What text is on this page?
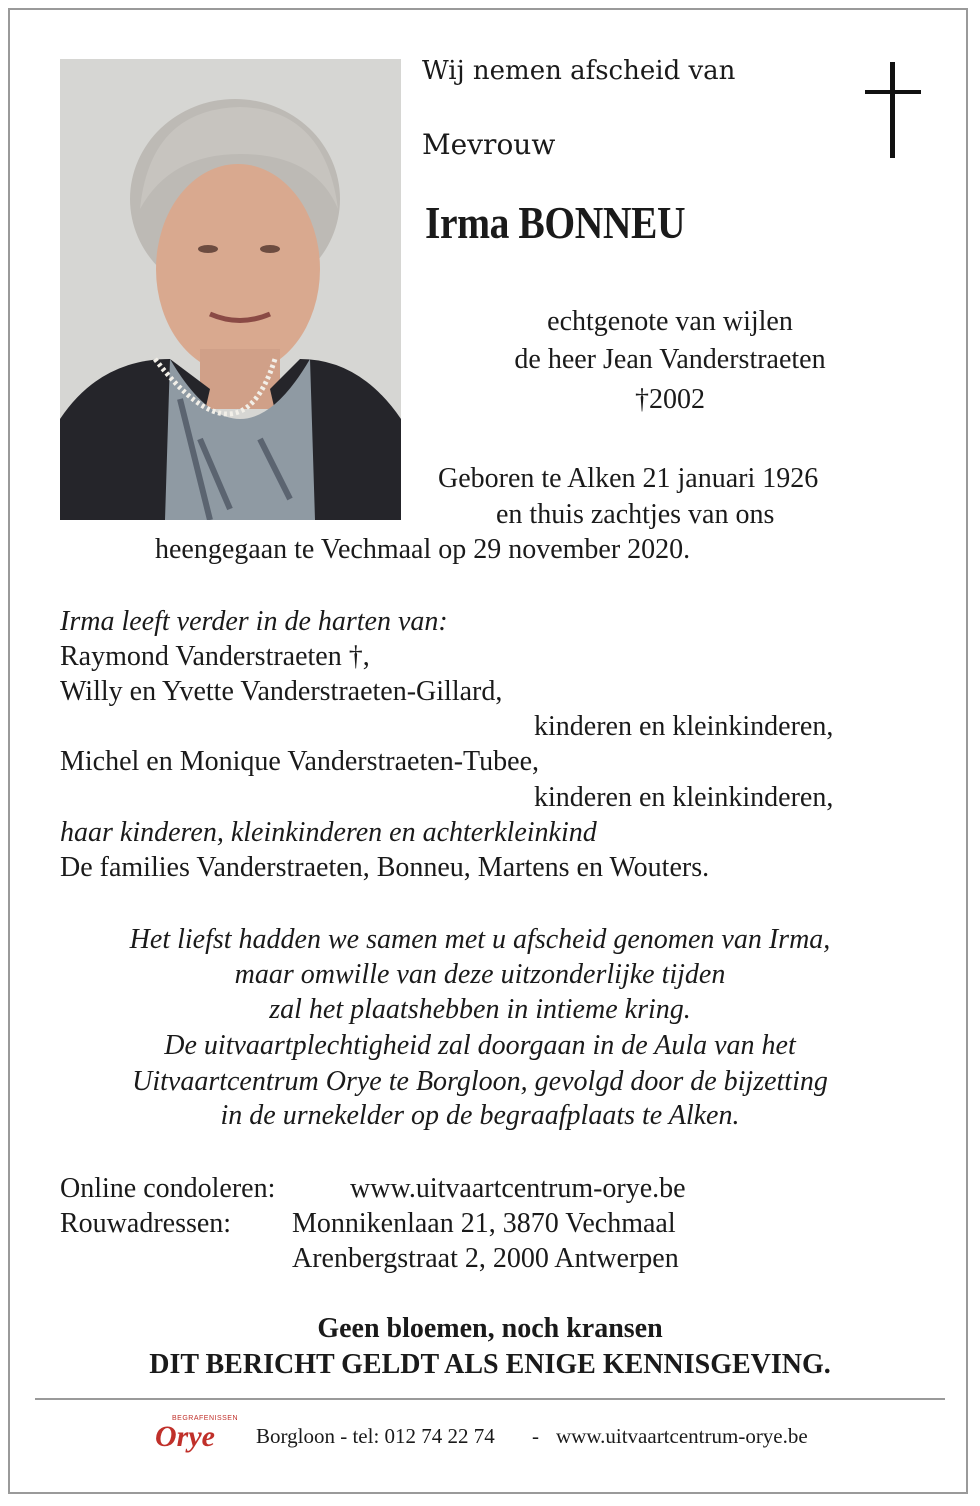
Wij nemen afscheid van
Mevrouw
Irma BONNEU
echtgenote van wijlen
de heer Jean Vanderstraeten
†2002
Geboren te Alken 21 januari 1926
en thuis zachtjes van ons
heengegaan te Vechmaal op 29 november 2020.
Irma leeft verder in de harten van:
Raymond Vanderstraeten †,
Willy en Yvette Vanderstraeten-Gillard,
kinderen en kleinkinderen,
Michel en Monique Vanderstraeten-Tubee,
kinderen en kleinkinderen,
haar kinderen, kleinkinderen en achterkleinkind
De families Vanderstraeten, Bonneu, Martens en Wouters.
Het liefst hadden we samen met u afscheid genomen van Irma,
maar omwille van deze uitzonderlijke tijden
zal het plaatshebben in intieme kring.
De uitvaartplechtigheid zal doorgaan in de Aula van het
Uitvaartcentrum Orye te Borgloon, gevolgd door de bijzetting
in de urnekelder op de begraafplaats te Alken.
Online condoleren:	www.uitvaartcentrum-orye.be
Rouwadressen: Monnikenlaan 21, 3870 Vechmaal
Arenbergstraat 2, 2000 Antwerpen
Geen bloemen, noch kransen
DIT BERICHT GELDT ALS ENIGE KENNISGEVING.
BEGRAFENISSEN
Orye Borgloon - tel: 012 74 22 74 - www.uitvaartcentrum-orye.be
